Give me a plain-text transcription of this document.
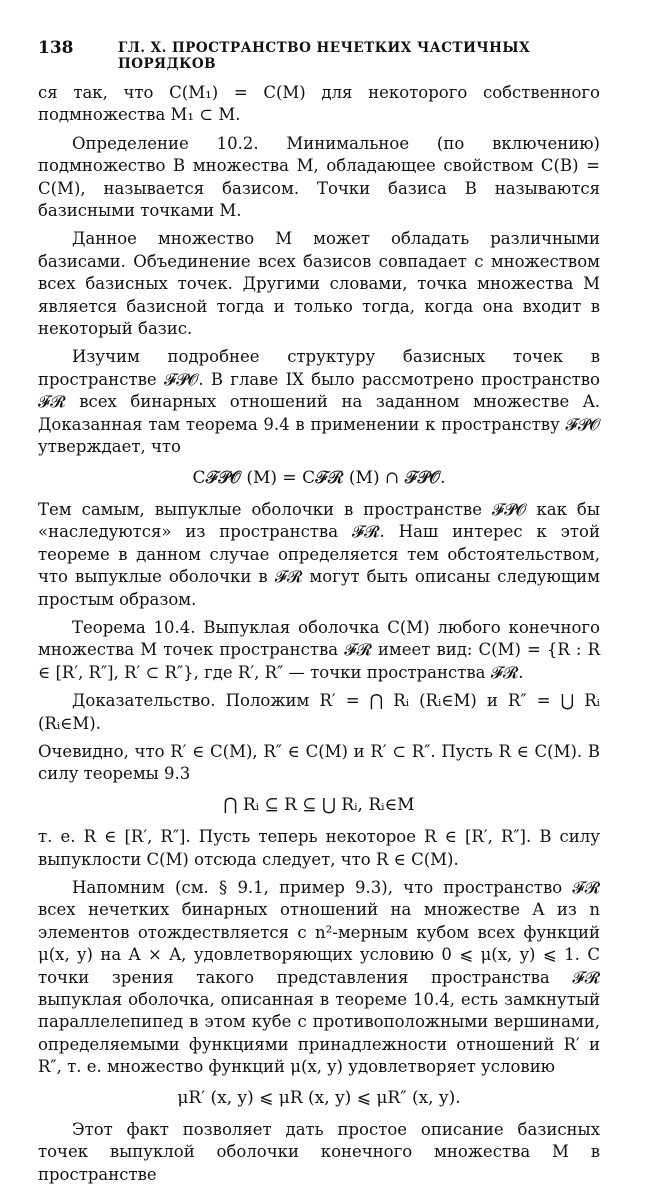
138	ГЛ. X. ПРОСТРАНСТВО НЕЧЕТКИХ ЧАСТИЧНЫХ ПОРЯДКОВ

ся так, что C(M₁) = C(M) для некоторого собственного подмножества M₁ ⊂ M.

Определение 10.2. Минимальное (по включению) подмножество B множества M, обладающее свойством C(B) = C(M), называется базисом. Точки базиса B называются базисными точками M.

Данное множество M может обладать различными базисами. Объединение всех базисов совпадает с множеством всех базисных точек. Другими словами, точка множества M является базисной тогда и только тогда, когда она входит в некоторый базис.

Изучим подробнее структуру базисных точек в пространстве 𝓕𝓟𝓞. В главе IX было рассмотрено пространство 𝓕𝓡 всех бинарных отношений на заданном множестве A. Доказанная там теорема 9.4 в применении к пространству 𝓕𝓟𝓞 утверждает, что

C𝓕𝓟𝓞 (M) = C𝓕𝓡 (M) ∩ 𝓕𝓟𝓞.

Тем самым, выпуклые оболочки в пространстве 𝓕𝓟𝓞 как бы «наследуются» из пространства 𝓕𝓡. Наш интерес к этой теореме в данном случае определяется тем обстоятельством, что выпуклые оболочки в 𝓕𝓡 могут быть описаны следующим простым образом.

Теорема 10.4. Выпуклая оболочка C(M) любого конечного множества M точек пространства 𝓕𝓡 имеет вид: C(M) = {R : R ∈ [R′, R″], R′ ⊂ R″}, где R′, R″ — точки пространства 𝓕𝓡.

Доказательство. Положим R′ = ⋂ Rᵢ (Rᵢ∈M) и R″ = ⋃ Rᵢ (Rᵢ∈M).

Очевидно, что R′ ∈ C(M), R″ ∈ C(M) и R′ ⊂ R″. Пусть R ∈ C(M). В силу теоремы 9.3

⋂ Rᵢ ⊆ R ⊆ ⋃ Rᵢ, Rᵢ∈M

т. е. R ∈ [R′, R″]. Пусть теперь некоторое R ∈ [R′, R″]. В силу выпуклости C(M) отсюда следует, что R ∈ C(M).

Напомним (см. § 9.1, пример 9.3), что пространство 𝓕𝓡 всех нечетких бинарных отношений на множестве A из n элементов отождествляется с n²-мерным кубом всех функций μ(x, y) на A × A, удовлетворяющих условию 0 ⩽ μ(x, y) ⩽ 1. С точки зрения такого представления пространства 𝓕𝓡 выпуклая оболочка, описанная в теореме 10.4, есть замкнутый параллелепипед в этом кубе с противоположными вершинами, определяемыми функциями принадлежности отношений R′ и R″, т. е. множество функций μ(x, y) удовлетворяет условию

μR′ (x, y) ⩽ μR (x, y) ⩽ μR″ (x, y).

Этот факт позволяет дать простое описание базисных точек выпуклой оболочки конечного множества M в пространстве
